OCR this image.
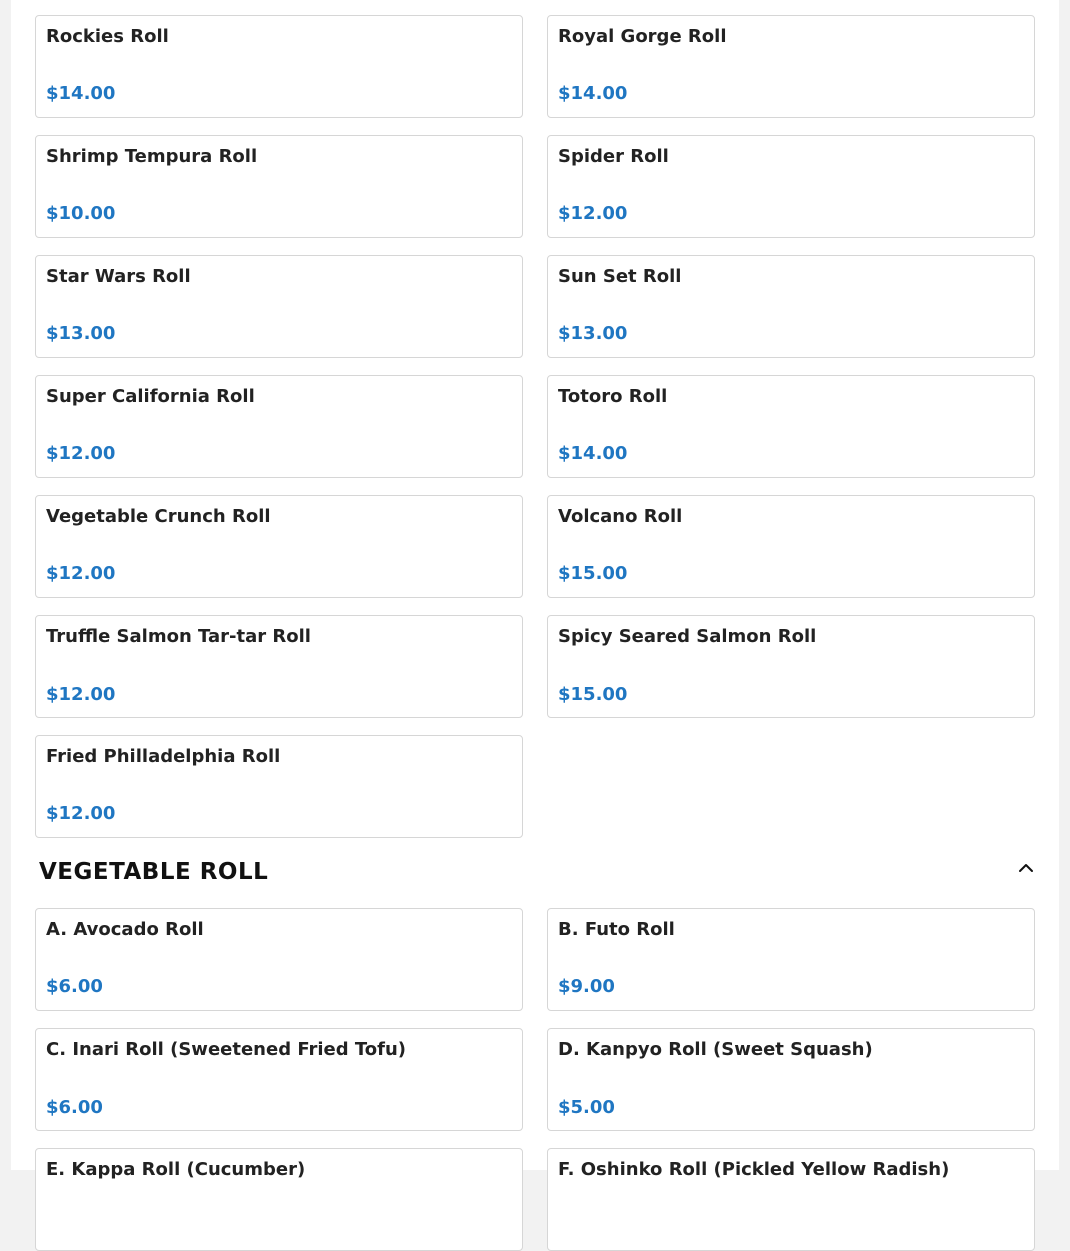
Rockies Roll
$14.00
Royal Gorge Roll
$14.00
Shrimp Tempura Roll
$10.00
Spider Roll
$12.00
Star Wars Roll
$13.00
Sun Set Roll
$13.00
Super California Roll
$12.00
Totoro Roll
$14.00
Vegetable Crunch Roll
$12.00
Volcano Roll
$15.00
Truffle Salmon Tar-tar Roll
$12.00
Spicy Seared Salmon Roll
$15.00
Fried Philladelphia Roll
$12.00
VEGETABLE ROLL
A. Avocado Roll
$6.00
B. Futo Roll
$9.00
C. Inari Roll (Sweetened Fried Tofu)
$6.00
D. Kanpyo Roll (Sweet Squash)
$5.00
E. Kappa Roll (Cucumber)	F. Oshinko Roll (Pickled Yellow Radish)
